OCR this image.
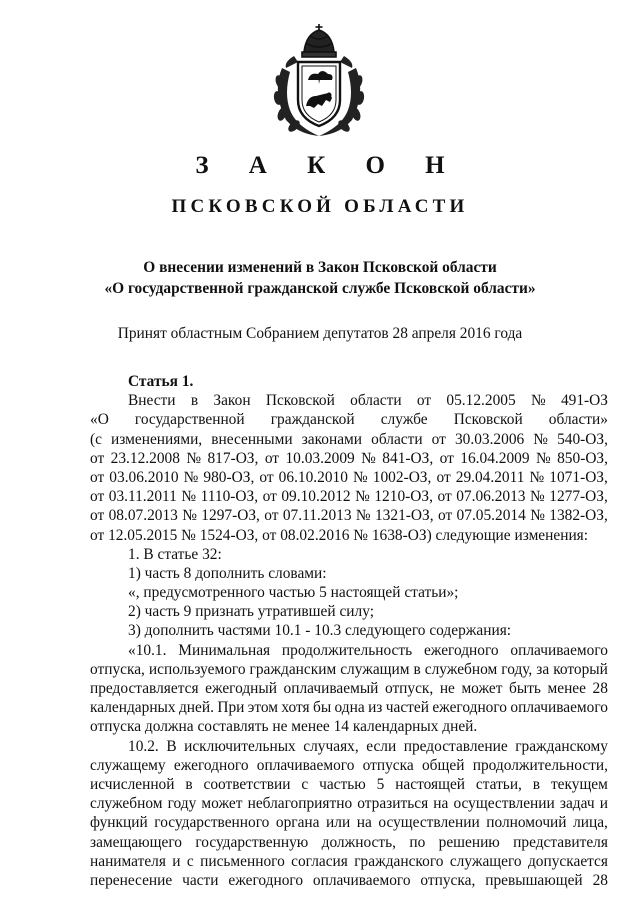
З А К О Н
ПСКОВСКОЙ ОБЛАСТИ
О внесении изменений в Закон Псковской области
«О государственной гражданской службе Псковской области»
Принят областным Собранием депутатов 28 апреля 2016 года
Статья 1.
Внести в Закон Псковской области от 05.12.2005 № 491-ОЗ
«О государственной гражданской службе Псковской области»
(с изменениями, внесенными законами области от 30.03.2006 № 540-ОЗ,
от 23.12.2008 № 817-ОЗ, от 10.03.2009 № 841-ОЗ, от 16.04.2009 № 850-ОЗ,
от 03.06.2010 № 980-ОЗ, от 06.10.2010 № 1002-ОЗ, от 29.04.2011 № 1071-ОЗ,
от 03.11.2011 № 1110-ОЗ, от 09.10.2012 № 1210-ОЗ, от 07.06.2013 № 1277-ОЗ,
от 08.07.2013 № 1297-ОЗ, от 07.11.2013 № 1321-ОЗ, от 07.05.2014 № 1382-ОЗ,
от 12.05.2015 № 1524-ОЗ, от 08.02.2016 № 1638-ОЗ) следующие изменения:
1. В статье 32:
1) часть 8 дополнить словами:
«, предусмотренного частью 5 настоящей статьи»;
2) часть 9 признать утратившей силу;
3) дополнить частями 10.1 - 10.3 следующего содержания:
«10.1. Минимальная продолжительность ежегодного оплачиваемого
отпуска, используемого гражданским служащим в служебном году, за который
предоставляется ежегодный оплачиваемый отпуск, не может быть менее 28
календарных дней. При этом хотя бы одна из частей ежегодного оплачиваемого
отпуска должна составлять не менее 14 календарных дней.
10.2. В исключительных случаях, если предоставление гражданскому
служащему ежегодного оплачиваемого отпуска общей продолжительности,
исчисленной в соответствии с частью 5 настоящей статьи, в текущем
служебном году может неблагоприятно отразиться на осуществлении задач и
функций государственного органа или на осуществлении полномочий лица,
замещающего государственную должность, по решению представителя
нанимателя и с письменного согласия гражданского служащего допускается
перенесение части ежегодного оплачиваемого отпуска, превышающей 28
